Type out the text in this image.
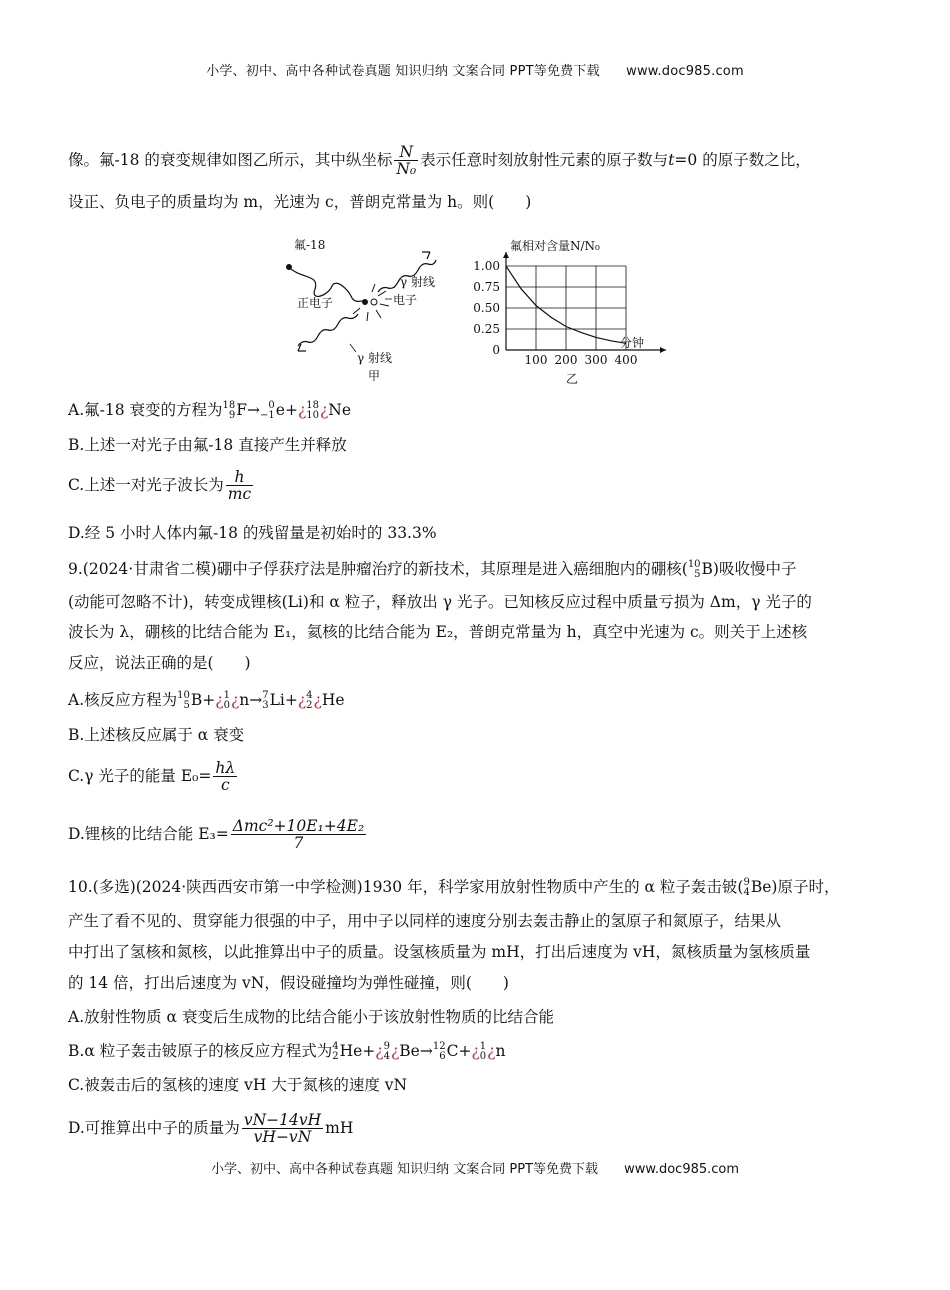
小学、初中、高中各种试卷真题 知识归纳 文案合同 PPT等免费下载 www.doc985.com
像。氟-18 的衰变规律如图乙所示，其中纵坐标 $\frac{N}{\text{N₀}}$ 表示任意时刻放射性元素的原子数与t=0 的原子数之比，
设正、负电子的质量均为 m，光速为 c，普朗克常量为 h。则(　　)
氟-18
γ 射线
正电子	电子
γ 射线
甲
氟相对含量N/N₀
分钟
乙
0
0.25
0.50
0.75
1.00
100 200 300 400
A.氟-18 衰变的方程为 18
9 F→ 0
−1 e+¿ 18
10 ¿Ne
B.上述一对光子由氟-18 直接产生并释放
C.上述一对光子波长为 $\frac{h}{mc}$
D.经 5 小时人体内氟-18 的残留量是初始时的 33.3%
9.(2024·甘肃省二模)硼中子俘获疗法是肿瘤治疗的新技术，其原理是进入癌细胞内的硼核( 10
5 B)吸收慢中子
(动能可忽略不计)，转变成锂核(Li)和 α 粒子，释放出 γ 光子。已知核反应过程中质量亏损为 Δm，γ 光子的
波长为 λ，硼核的比结合能为 E₁，氦核的比结合能为 E₂，普朗克常量为 h，真空中光速为 c。则关于上述核
反应，说法正确的是(　　)
A.核反应方程为 10
5 B+¿ 1
0 ¿n→ 7
3 Li+¿ 4
2 ¿He
B.上述核反应属于 α 衰变
C.γ 光子的能量 $E_0= \frac{h\lambda}{c}$
D.锂核的比结合能 $E_3= \frac{\text{Δmc²+10E₁+4E₂}}{7}$
10.(多选)(2024·陕西西安市第一中学检测)1930 年，科学家用放射性物质中产生的 α 粒子轰击铍( 9
4 Be)原子时，
产生了看不见的、贯穿能力很强的中子，用中子以同样的速度分别去轰击静止的氢原子和氮原子，结果从
中打出了氢核和氮核，以此推算出中子的质量。设氢核质量为 mH，打出后速度为 vH，氮核质量为氢核质量
的 14 倍，打出后速度为 vN，假设碰撞均为弹性碰撞，则(　　)
A.放射性物质 α 衰变后生成物的比结合能小于该放射性物质的比结合能
B.α 粒子轰击铍原子的核反应方程式为 4
2 He+¿ 9
4 ¿Be→ 12
6 C+¿ 1
0 ¿n
C.被轰击后的氢核的速度 vH 大于氮核的速度 vN
D.可推算出中子的质量为 $\frac{vN-14vH}{vH-vN}$ mH
小学、初中、高中各种试卷真题 知识归纳 文案合同 PPT等免费下载 www.doc985.com
